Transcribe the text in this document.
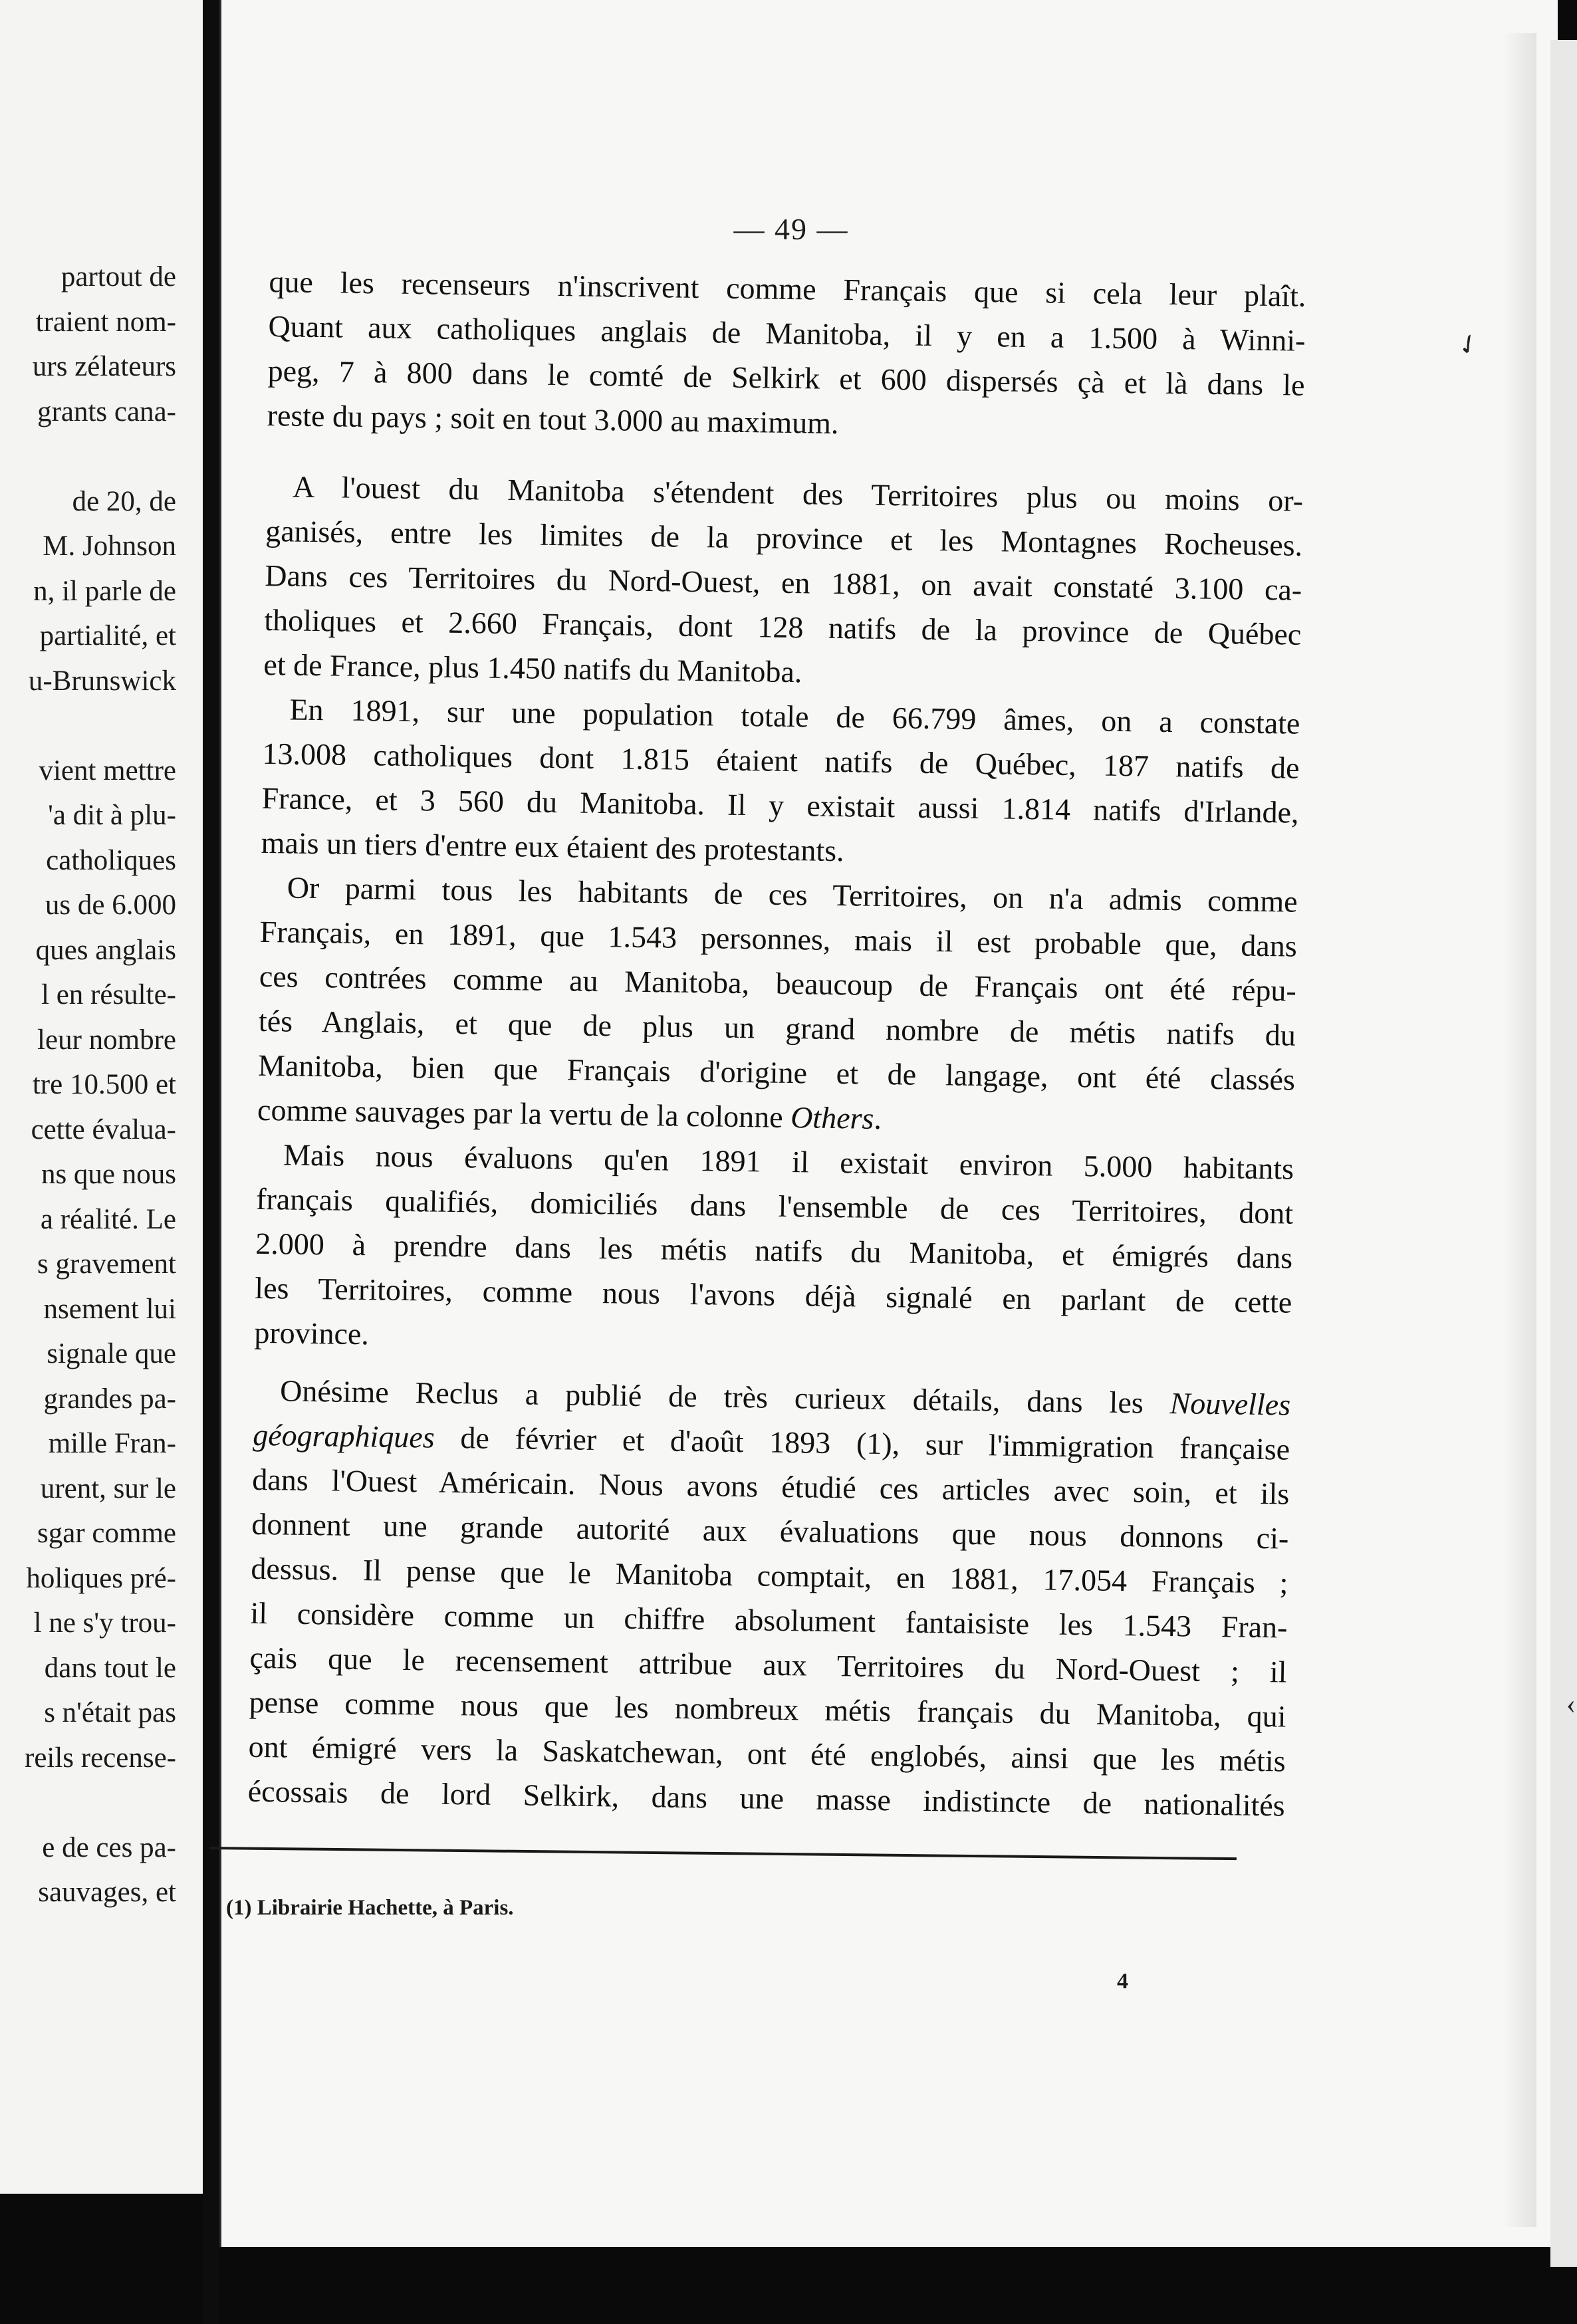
partout de
traient nom-
urs zélateurs
grants cana-
de 20, de
M. Johnson
n, il parle de
partialité, et
u-Brunswick
vient mettre
'a dit à plu-
catholiques
us de 6.000
ques anglais
l en résulte-
leur nombre
tre 10.500 et
cette évalua-
ns que nous
a réalité. Le
s gravement
nsement lui
signale que
grandes pa-
mille Fran-
urent, sur le
sgar comme
holiques pré-
l ne s'y trou-
dans tout le
s n'était pas
reils recense-
e de ces pa-
sauvages, et
— 49 —
que les recenseurs n'inscrivent comme Français que si cela leur plaît.
Quant aux catholiques anglais de Manitoba, il y en a 1.500 à Winni-
peg, 7 à 800 dans le comté de Selkirk et 600 dispersés çà et là dans le
reste du pays ; soit en tout 3.000 au maximum.
A l'ouest du Manitoba s'étendent des Territoires plus ou moins or-
ganisés, entre les limites de la province et les Montagnes Rocheuses.
Dans ces Territoires du Nord-Ouest, en 1881, on avait constaté 3.100 ca-
tholiques et 2.660 Français, dont 128 natifs de la province de Québec
et de France, plus 1.450 natifs du Manitoba.
En 1891, sur une population totale de 66.799 âmes, on a constate
13.008 catholiques dont 1.815 étaient natifs de Québec, 187 natifs de
France, et 3 560 du Manitoba. Il y existait aussi 1.814 natifs d'Irlande,
mais un tiers d'entre eux étaient des protestants.
Or parmi tous les habitants de ces Territoires, on n'a admis comme
Français, en 1891, que 1.543 personnes, mais il est probable que, dans
ces contrées comme au Manitoba, beaucoup de Français ont été répu-
tés Anglais, et que de plus un grand nombre de métis natifs du
Manitoba, bien que Français d'origine et de langage, ont été classés
comme sauvages par la vertu de la colonne Others.
Mais nous évaluons qu'en 1891 il existait environ 5.000 habitants
français qualifiés, domiciliés dans l'ensemble de ces Territoires, dont
2.000 à prendre dans les métis natifs du Manitoba, et émigrés dans
les Territoires, comme nous l'avons déjà signalé en parlant de cette
province.
Onésime Reclus a publié de très curieux détails, dans les Nouvelles
géographiques de février et d'août 1893 (1), sur l'immigration française
dans l'Ouest Américain. Nous avons étudié ces articles avec soin, et ils
donnent une grande autorité aux évaluations que nous donnons ci-
dessus. Il pense que le Manitoba comptait, en 1881, 17.054 Français ;
il considère comme un chiffre absolument fantaisiste les 1.543 Fran-
çais que le recensement attribue aux Territoires du Nord-Ouest ; il
pense comme nous que les nombreux métis français du Manitoba, qui
ont émigré vers la Saskatchewan, ont été englobés, ainsi que les métis
écossais de lord Selkirk, dans une masse indistincte de nationalités
(1) Librairie Hachette, à Paris.
4
✓
‹
